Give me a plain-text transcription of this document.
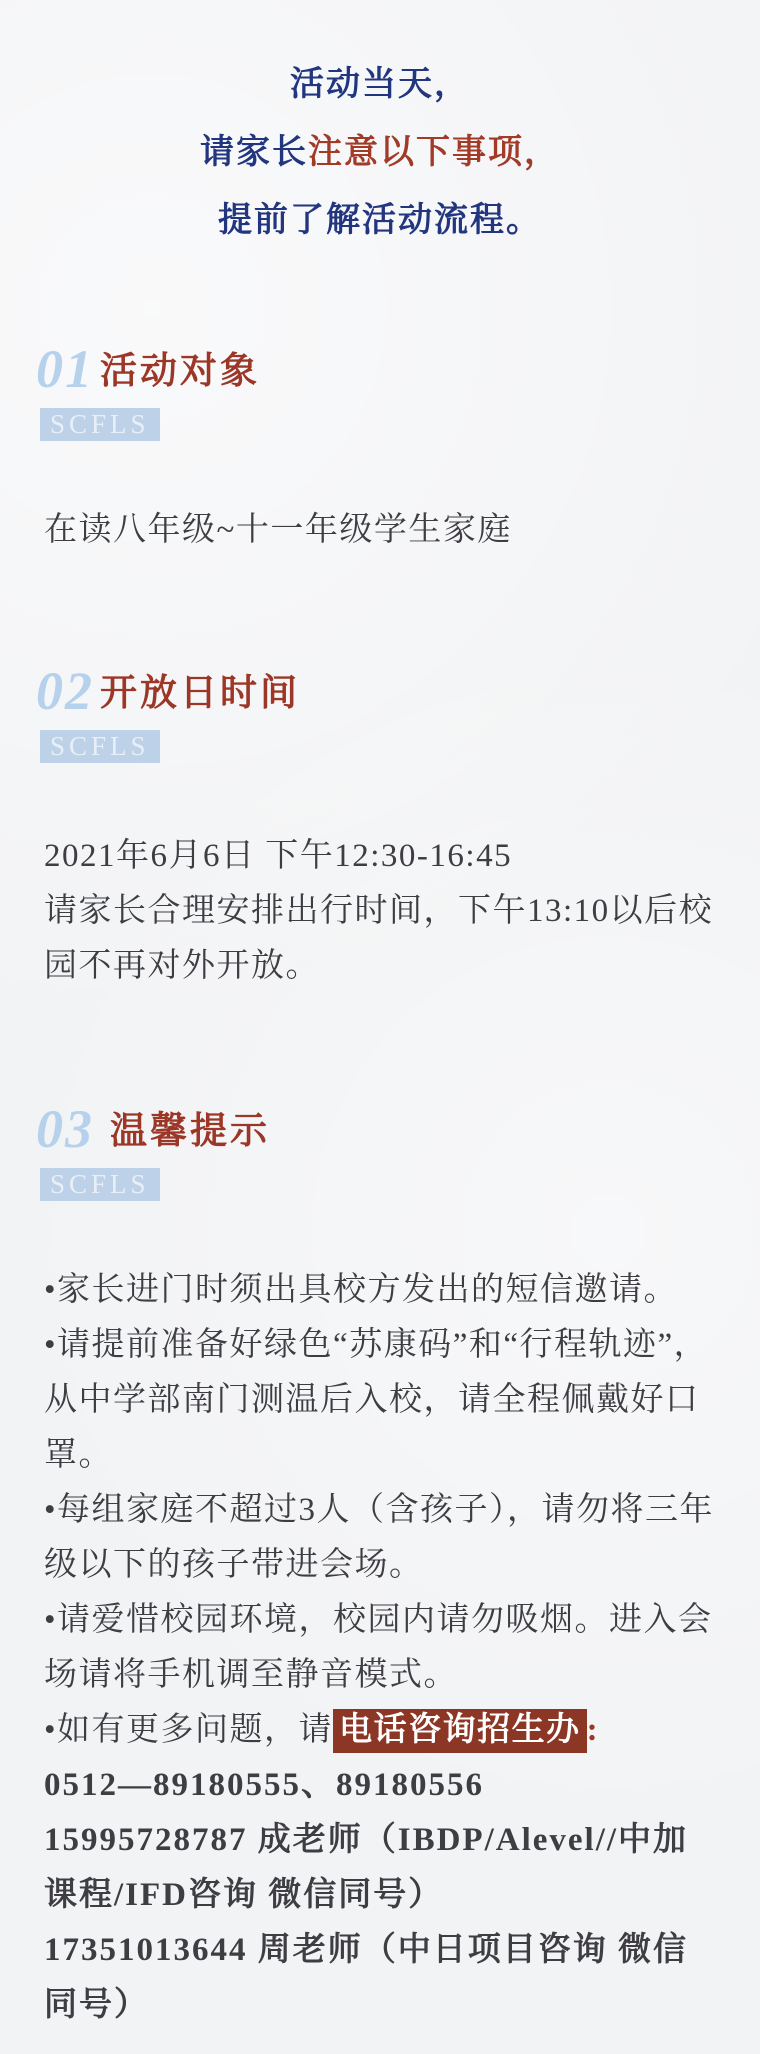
活动当天，
请家长注意以下事项，
提前了解活动流程。
01 活动对象
SCFLS

在读八年级~十一年级学生家庭

02 开放日时间
SCFLS

2021年6月6日 下午12:30-16:45

请家长合理安排出行时间，下午13:10以后校园不再对外开放。

03 温馨提示
SCFLS

•家长进门时须出具校方发出的短信邀请。

•请提前准备好绿色“苏康码”和“行程轨迹”，从中学部南门测温后入校，请全程佩戴好口罩。

•每组家庭不超过3人（含孩子），请勿将三年级以下的孩子带进会场。

•请爱惜校园环境，校园内请勿吸烟。进入会场请将手机调至静音模式。

•如有更多问题，请 电话咨询招生办 :

0512—89180555、89180556

15995728787 成老师（IBDP/Alevel//中加课程/IFD咨询 微信同号）

17351013644 周老师（中日项目咨询 微信同号）
